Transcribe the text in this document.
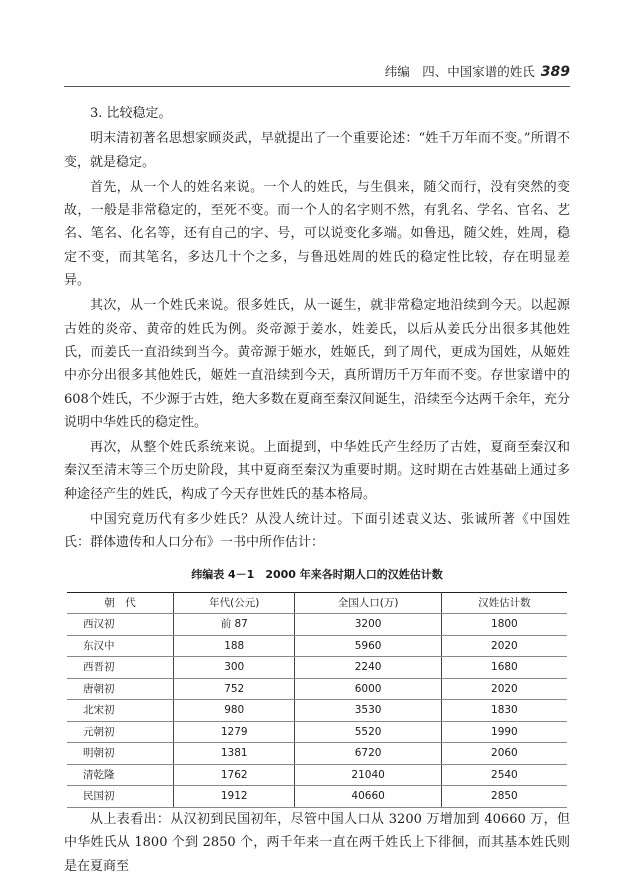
纬编　四、中国家谱的姓氏 389

3. 比较稳定。

明末清初著名思想家顾炎武，早就提出了一个重要论述：“姓千万年而不变。”所谓不变，就是稳定。

首先，从一个人的姓名来说。一个人的姓氏，与生俱来，随父而行，没有突然的变故，一般是非常稳定的，至死不变。而一个人的名字则不然，有乳名、学名、官名、艺名、笔名、化名等，还有自己的字、号，可以说变化多端。如鲁迅，随父姓，姓周，稳定不变，而其笔名，多达几十个之多，与鲁迅姓周的姓氏的稳定性比较，存在明显差异。

其次，从一个姓氏来说。很多姓氏，从一诞生，就非常稳定地沿续到今天。以起源古姓的炎帝、黄帝的姓氏为例。炎帝源于姜水，姓姜氏，以后从姜氏分出很多其他姓氏，而姜氏一直沿续到当今。黄帝源于姬水，姓姬氏，到了周代，更成为国姓，从姬姓中亦分出很多其他姓氏，姬姓一直沿续到今天，真所谓历千万年而不变。存世家谱中的608个姓氏，不少源于古姓，绝大多数在夏商至秦汉间诞生，沿续至今达两千余年，充分说明中华姓氏的稳定性。

再次，从整个姓氏系统来说。上面提到，中华姓氏产生经历了古姓，夏商至秦汉和秦汉至清末等三个历史阶段，其中夏商至秦汉为重要时期。这时期在古姓基础上通过多种途径产生的姓氏，构成了今天存世姓氏的基本格局。

中国究竟历代有多少姓氏？从没人统计过。下面引述袁义达、张诚所著《中国姓氏：群体遗传和人口分布》一书中所作估计：

纬编表 4－1　2000 年来各时期人口的汉姓估计数
朝　代	年代(公元)	全国人口(万)	汉姓估计数
西汉初	前 87	3200	1800
东汉中	188	5960	2020
西晋初	300	2240	1680
唐朝初	752	6000	2020
北宋初	980	3530	1830
元朝初	1279	5520	1990
明朝初	1381	6720	2060
清乾隆	1762	21040	2540
民国初	1912	40660	2850

从上表看出：从汉初到民国初年，尽管中国人口从 3200 万增加到 40660 万，但中华姓氏从 1800 个到 2850 个，两千年来一直在两千姓氏上下徘徊，而其基本姓氏则是在夏商至
